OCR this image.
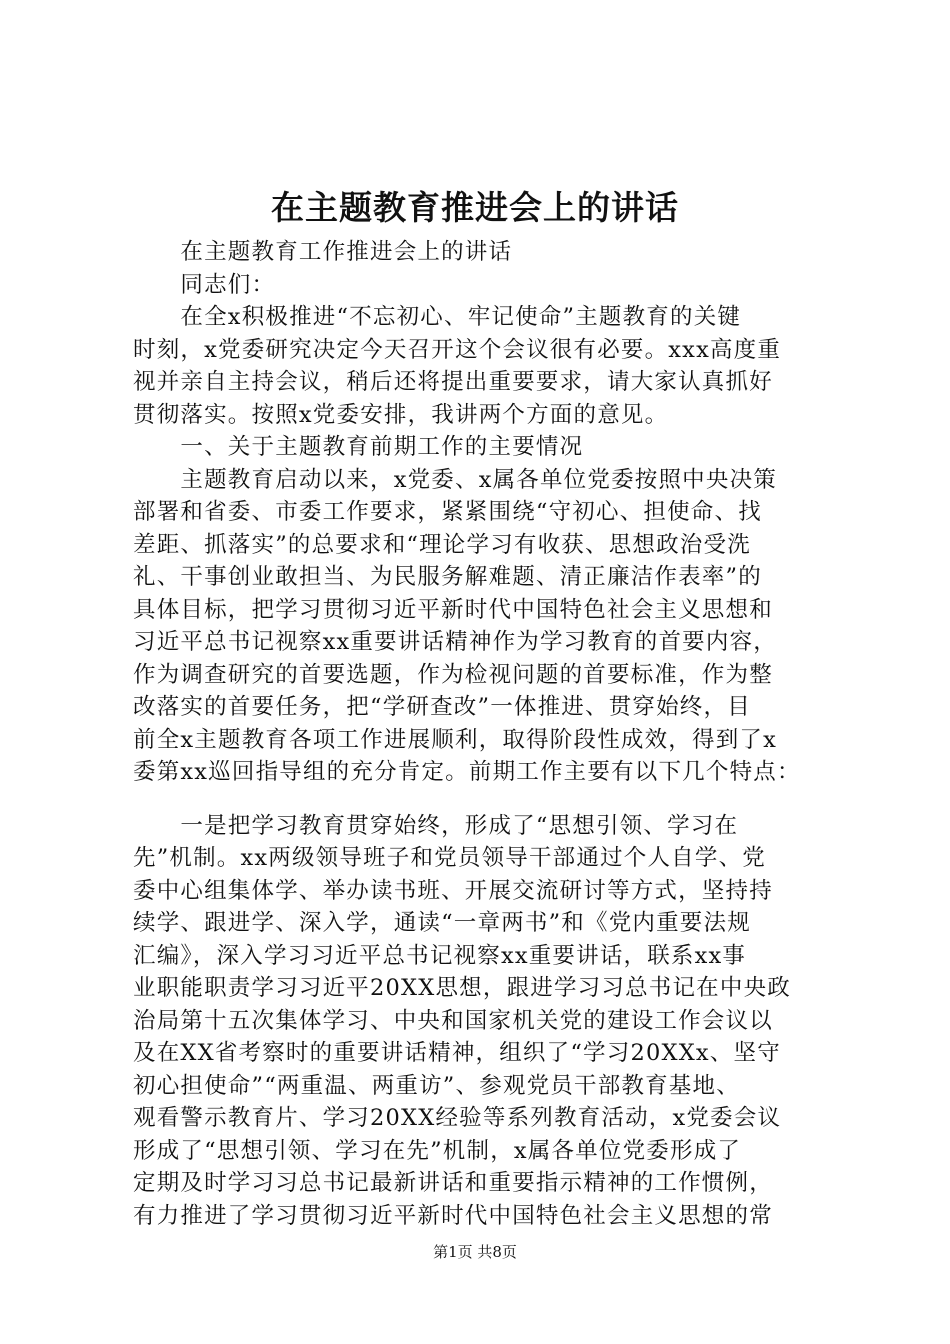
在主题教育推进会上的讲话
　　在主题教育工作推进会上的讲话
　　同志们：
　　在全x积极推进“不忘初心、牢记使命”主题教育的关键
时刻，x党委研究决定今天召开这个会议很有必要。xxx高度重
视并亲自主持会议，稍后还将提出重要要求，请大家认真抓好
贯彻落实。按照x党委安排，我讲两个方面的意见。
　　一、关于主题教育前期工作的主要情况
　　主题教育启动以来，x党委、x属各单位党委按照中央决策
部署和省委、市委工作要求，紧紧围绕“守初心、担使命、找
差距、抓落实”的总要求和“理论学习有收获、思想政治受洗
礼、干事创业敢担当、为民服务解难题、清正廉洁作表率”的
具体目标，把学习贯彻习近平新时代中国特色社会主义思想和
习近平总书记视察xx重要讲话精神作为学习教育的首要内容，
作为调查研究的首要选题，作为检视问题的首要标准，作为整
改落实的首要任务，把“学研查改”一体推进、贯穿始终，目
前全x主题教育各项工作进展顺利，取得阶段性成效，得到了x
委第xx巡回指导组的充分肯定。前期工作主要有以下几个特点：
　　一是把学习教育贯穿始终，形成了“思想引领、学习在
先”机制。xx两级领导班子和党员领导干部通过个人自学、党
委中心组集体学、举办读书班、开展交流研讨等方式，坚持持
续学、跟进学、深入学，通读“一章两书”和《党内重要法规
汇编》，深入学习习近平总书记视察xx重要讲话，联系xx事
业职能职责学习习近平20XX思想，跟进学习习总书记在中央政
治局第十五次集体学习、中央和国家机关党的建设工作会议以
及在XX省考察时的重要讲话精神，组织了“学习20XXx、坚守
初心担使命”“两重温、两重访”、参观党员干部教育基地、
观看警示教育片、学习20XX经验等系列教育活动，x党委会议
形成了“思想引领、学习在先”机制，x属各单位党委形成了
定期及时学习习总书记最新讲话和重要指示精神的工作惯例，
有力推进了学习贯彻习近平新时代中国特色社会主义思想的常
第1页 共8页
